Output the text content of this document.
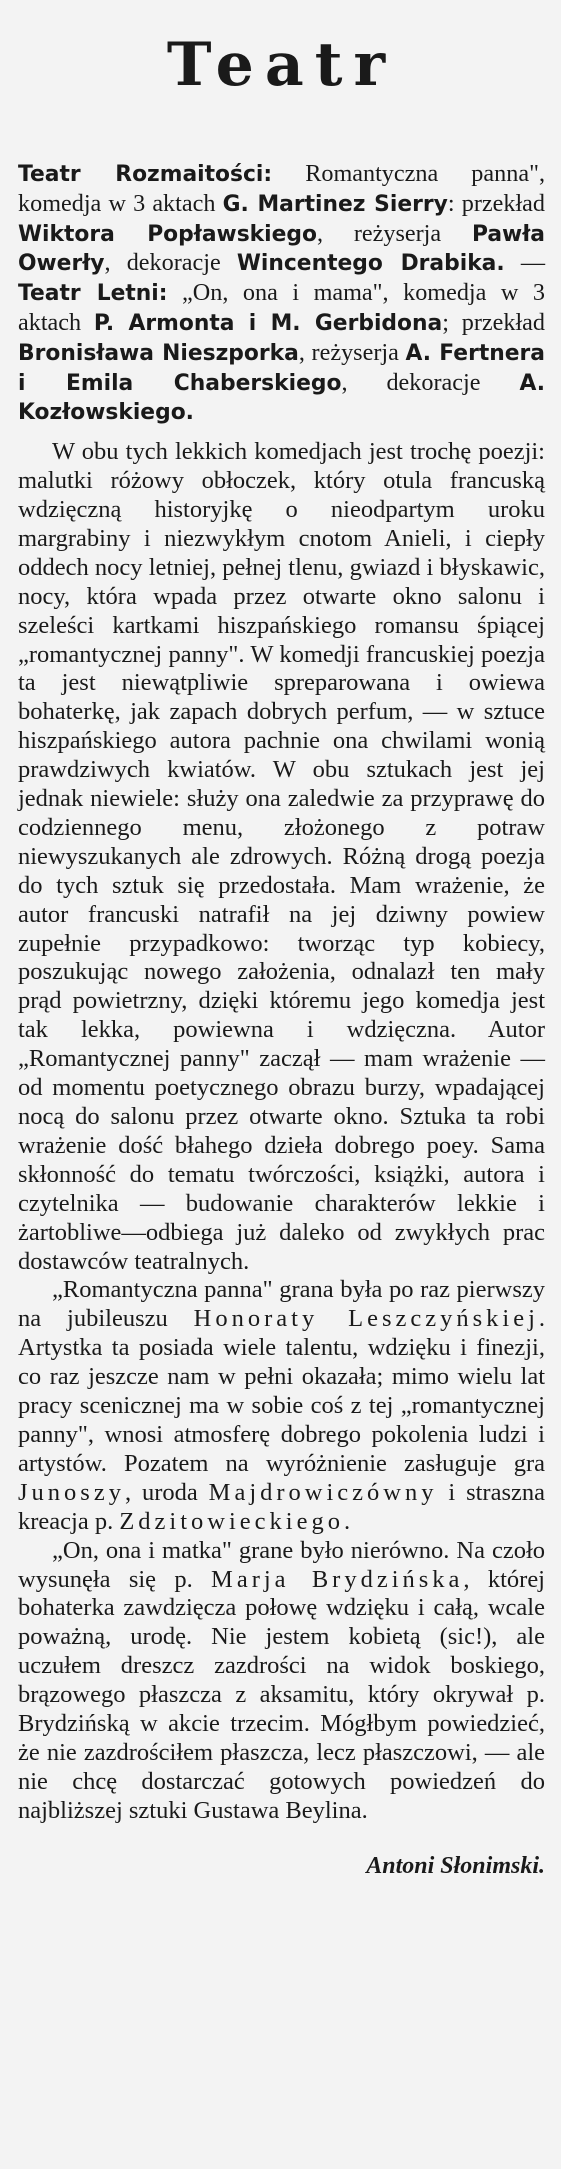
Teatr

Teatr Rozmaitości: Romantyczna panna", komedja w 3 aktach G. Martinez Sierry: przekład Wiktora Popławskiego, reżyserja Pawła Owerły, dekoracje Wincentego Drabika. — Teatr Letni: „On, ona i mama", komedja w 3 aktach P. Armonta i M. Gerbidona; przekład Bronisława Nieszporka, reżyserja A. Fertnera i Emila Chaberskiego, dekoracje A. Kozłowskiego.

W obu tych lekkich komedjach jest trochę poezji: malutki różowy obłoczek, który otula francuską wdzięczną historyjkę o nieodpartym uroku margrabiny i niezwykłym cnotom Anieli, i ciepły oddech nocy letniej, pełnej tlenu, gwiazd i błyskawic, nocy, która wpada przez otwarte okno salonu i szeleści kartkami hiszpańskiego romansu śpiącej „romantycznej panny". W komedji francuskiej poezja ta jest niewątpliwie spreparowana i owiewa bohaterkę, jak zapach dobrych perfum, — w sztuce hiszpańskiego autora pachnie ona chwilami wonią prawdziwych kwiatów. W obu sztukach jest jej jednak niewiele: służy ona zaledwie za przyprawę do codziennego menu, złożonego z potraw niewyszukanych ale zdrowych. Różną drogą poezja do tych sztuk się przedostała. Mam wrażenie, że autor francuski natrafił na jej dziwny powiew zupełnie przypadkowo: tworząc typ kobiecy, poszukując nowego założenia, odnalazł ten mały prąd powietrzny, dzięki któremu jego komedja jest tak lekka, powiewna i wdzięczna. Autor „Romantycznej panny" zaczął — mam wrażenie — od momentu poetycznego obrazu burzy, wpadającej nocą do salonu przez otwarte okno. Sztuka ta robi wrażenie dość błahego dzieła dobrego poey. Sama skłonność do tematu twórczości, książki, autora i czytelnika — budowanie charakterów lekkie i żartobliwe—odbiega już daleko od zwykłych prac dostawców teatralnych.

„Romantyczna panna" grana była po raz pierwszy na jubileuszu Honoraty Leszczyńskiej. Artystka ta posiada wiele talentu, wdzięku i finezji, co raz jeszcze nam w pełni okazała; mimo wielu lat pracy scenicznej ma w sobie coś z tej „romantycznej panny", wnosi atmosferę dobrego pokolenia ludzi i artystów. Pozatem na wyróżnienie zasługuje gra Junoszy, uroda Majdrowiczówny i straszna kreacja p. Zdzitowieckiego.

„On, ona i matka" grane było nierówno. Na czoło wysunęła się p. Marja Brydzińska, której bohaterka zawdzięcza połowę wdzięku i całą, wcale poważną, urodę. Nie jestem kobietą (sic!), ale uczułem dreszcz zazdrości na widok boskiego, brązowego płaszcza z aksamitu, który okrywał p. Brydzińską w akcie trzecim. Mógłbym powiedzieć, że nie zazdrościłem płaszcza, lecz płaszczowi, — ale nie chcę dostarczać gotowych powiedzeń do najbliższej sztuki Gustawa Beylina.

Antoni Słonimski.
